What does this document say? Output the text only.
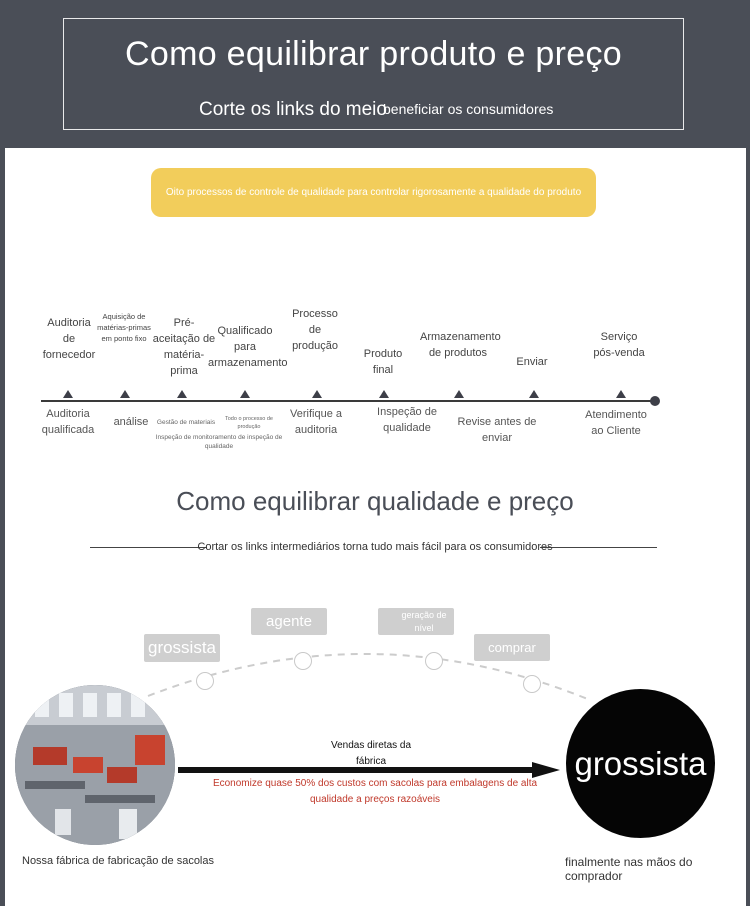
Como equilibrar produto e preço
Corte os links do meio
beneficiar os consumidores
Oito processos de controle de qualidade para controlar rigorosamente a qualidade do produto
Auditoria de fornecedor
Aquisição de matérias-primas em ponto fixo
Pré-aceitação de matéria-prima
Qualificado para armazenamento
Processo de produção
Produto final
Armazenamento de produtos
Enviar
Serviço pós-venda
Auditoria qualificada
análise	Gestão de materiais	Todo o processo de produção
Inspeção de monitoramento de inspeção de qualidade
Verifique a auditoria
Inspeção de qualidade	Revise antes de enviar
Atendimento ao Cliente
Como equilibrar qualidade e preço
Cortar os links intermediários torna tudo mais fácil para os consumidores
grossista
agente	geração de nível
comprar
Vendas diretas da fábrica
Economize quase 50% dos custos com sacolas para embalagens de alta qualidade a preços razoáveis
grossista
Nossa fábrica de fabricação de sacolas	finalmente nas mãos do comprador
